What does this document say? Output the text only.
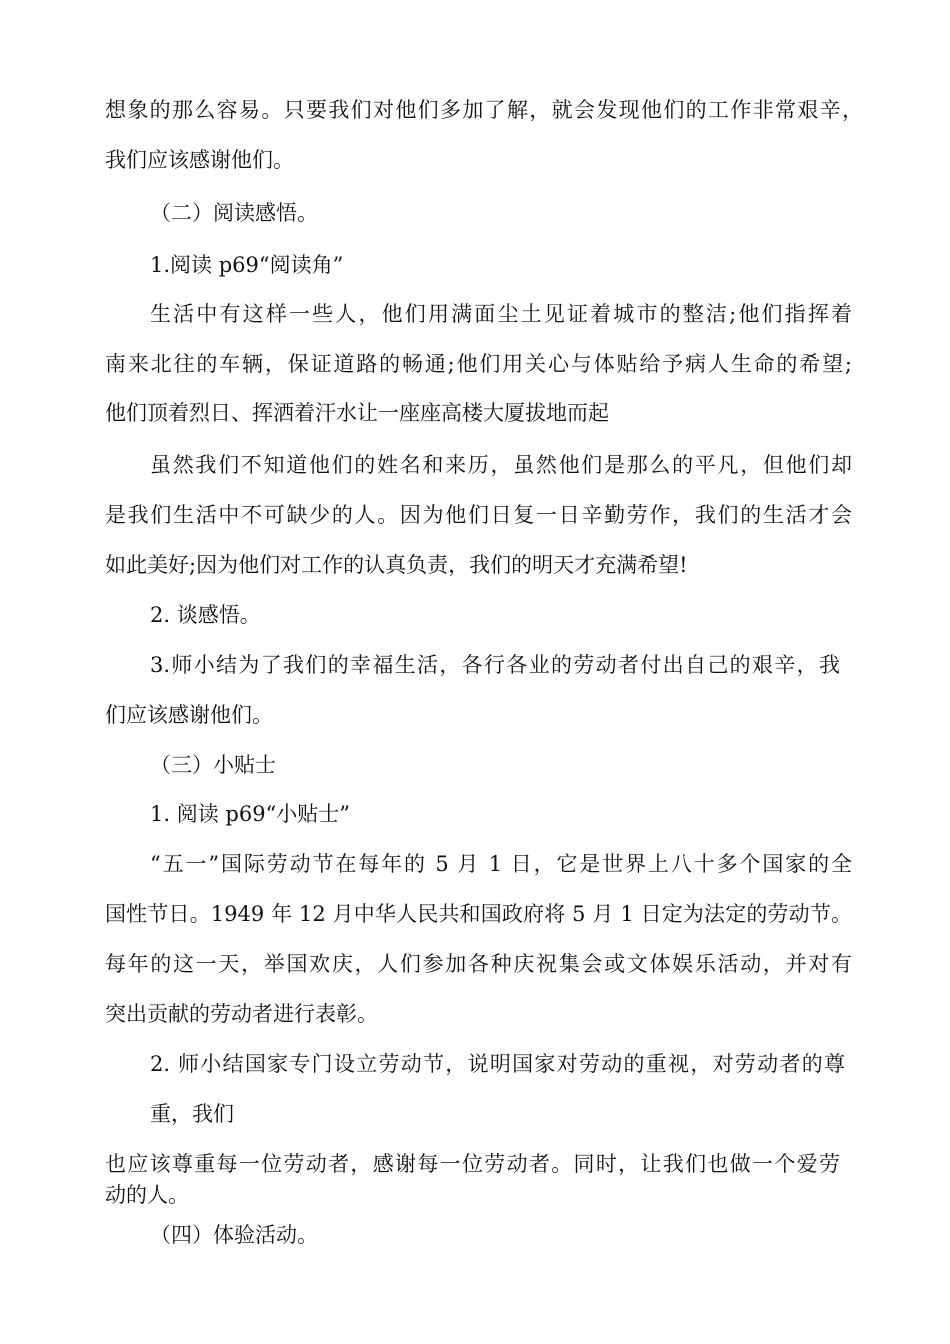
想象的那么容易。只要我们对他们多加了解，就会发现他们的工作非常艰辛，
我们应该感谢他们。
（二）阅读感悟。
1.阅读 p69“阅读角”
生活中有这样一些人，他们用满面尘土见证着城市的整洁;他们指挥着
南来北往的车辆，保证道路的畅通;他们用关心与体贴给予病人生命的希望;
他们顶着烈日、挥洒着汗水让一座座高楼大厦拔地而起
虽然我们不知道他们的姓名和来历，虽然他们是那么的平凡，但他们却
是我们生活中不可缺少的人。因为他们日复一日辛勤劳作，我们的生活才会
如此美好;因为他们对工作的认真负责，我们的明天才充满希望!
2. 谈感悟。
3.师小结为了我们的幸福生活，各行各业的劳动者付出自己的艰辛，我
们应该感谢他们。
（三）小贴士
1. 阅读 p69“小贴士”
“五一”国际劳动节在每年的 5 月 1 日，它是世界上八十多个国家的全
国性节日。1949 年 12 月中华人民共和国政府将 5 月 1 日定为法定的劳动节。
每年的这一天，举国欢庆，人们参加各种庆祝集会或文体娱乐活动，并对有
突出贡献的劳动者进行表彰。
2. 师小结国家专门设立劳动节，说明国家对劳动的重视，对劳动者的尊
重，我们
也应该尊重每一位劳动者，感谢每一位劳动者。同时，让我们也做一个爱劳
动的人。
（四）体验活动。
